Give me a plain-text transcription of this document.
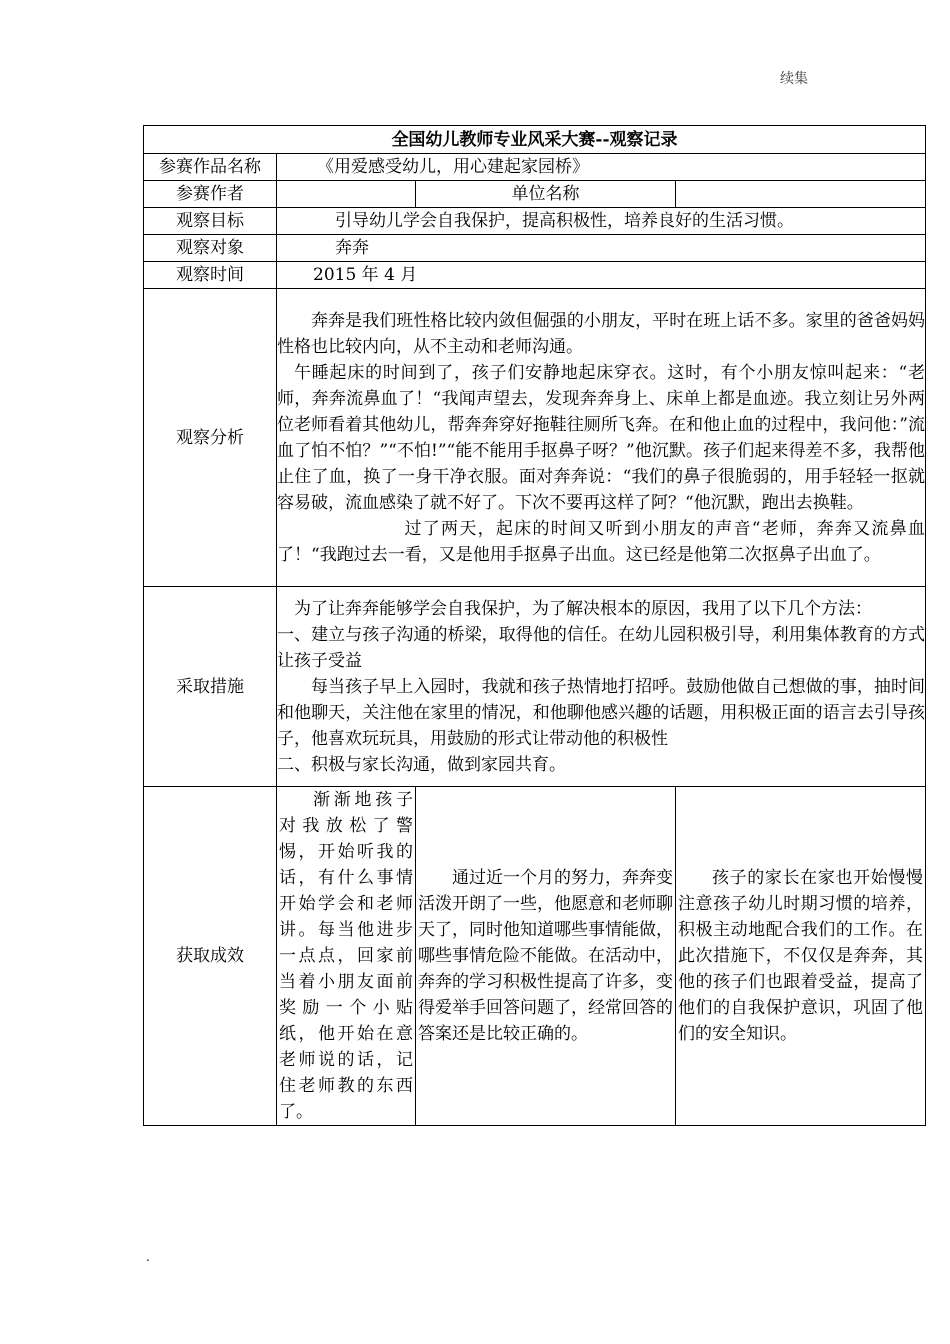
续集
全国幼儿教师专业风采大赛--观察记录			
参赛作品名称	《用爱感受幼儿，用心建起家园桥》		
参赛作者		单位名称	
观察目标	引导幼儿学会自我保护，提高积极性，培养良好的生活习惯。		
观察对象	奔奔		
观察时间	2015 年 4 月		
观察分析	奔奔是我们班性格比较内敛但倔强的小朋友，平时在班上话不多。家里的爸爸妈妈性格也比较内向，从不主动和老师沟通。

午睡起床的时间到了，孩子们安静地起床穿衣。这时，有个小朋友惊叫起来：“老师，奔奔流鼻血了！“我闻声望去，发现奔奔身上、床单上都是血迹。我立刻让另外两位老师看着其他幼儿，帮奔奔穿好拖鞋往厕所飞奔。在和他止血的过程中，我问他：”流血了怕不怕？”“不怕!”“能不能用手抠鼻子呀？”他沉默。孩子们起来得差不多，我帮他止住了血，换了一身干净衣服。面对奔奔说：“我们的鼻子很脆弱的，用手轻轻一抠就容易破，流血感染了就不好了。下次不要再这样了阿？“他沉默，跑出去换鞋。

过了两天，起床的时间又听到小朋友的声音“老师，奔奔又流鼻血了！“我跑过去一看，又是他用手抠鼻子出血。这已经是他第二次抠鼻子出血了。		

采取措施	为了让奔奔能够学会自我保护，为了解决根本的原因，我用了以下几个方法：

一、建立与孩子沟通的桥梁，取得他的信任。在幼儿园积极引导，利用集体教育的方式让孩子受益

每当孩子早上入园时，我就和孩子热情地打招呼。鼓励他做自己想做的事，抽时间和他聊天，关注他在家里的情况，和他聊他感兴趣的话题，用积极正面的语言去引导孩子，他喜欢玩玩具，用鼓励的形式让带动他的积极性

二、积极与家长沟通，做到家园共育。		

获取成效	渐渐地孩子对我放松了警惕，开始听我的话，有什么事情开始学会和老师讲。每当他进步一点点，回家前当着小朋友面前奖励一个小贴纸，他开始在意老师说的话，记住老师教的东西了。	通过近一个月的努力，奔奔变活泼开朗了一些，他愿意和老师聊天了，同时他知道哪些事情能做，哪些事情危险不能做。在活动中，奔奔的学习积极性提高了许多，变得爱举手回答问题了，经常回答的答案还是比较正确的。	孩子的家长在家也开始慢慢注意孩子幼儿时期习惯的培养，积极主动地配合我们的工作。在此次措施下，不仅仅是奔奔，其他的孩子们也跟着受益，提高了他们的自我保护意识，巩固了他们的安全知识。

.
